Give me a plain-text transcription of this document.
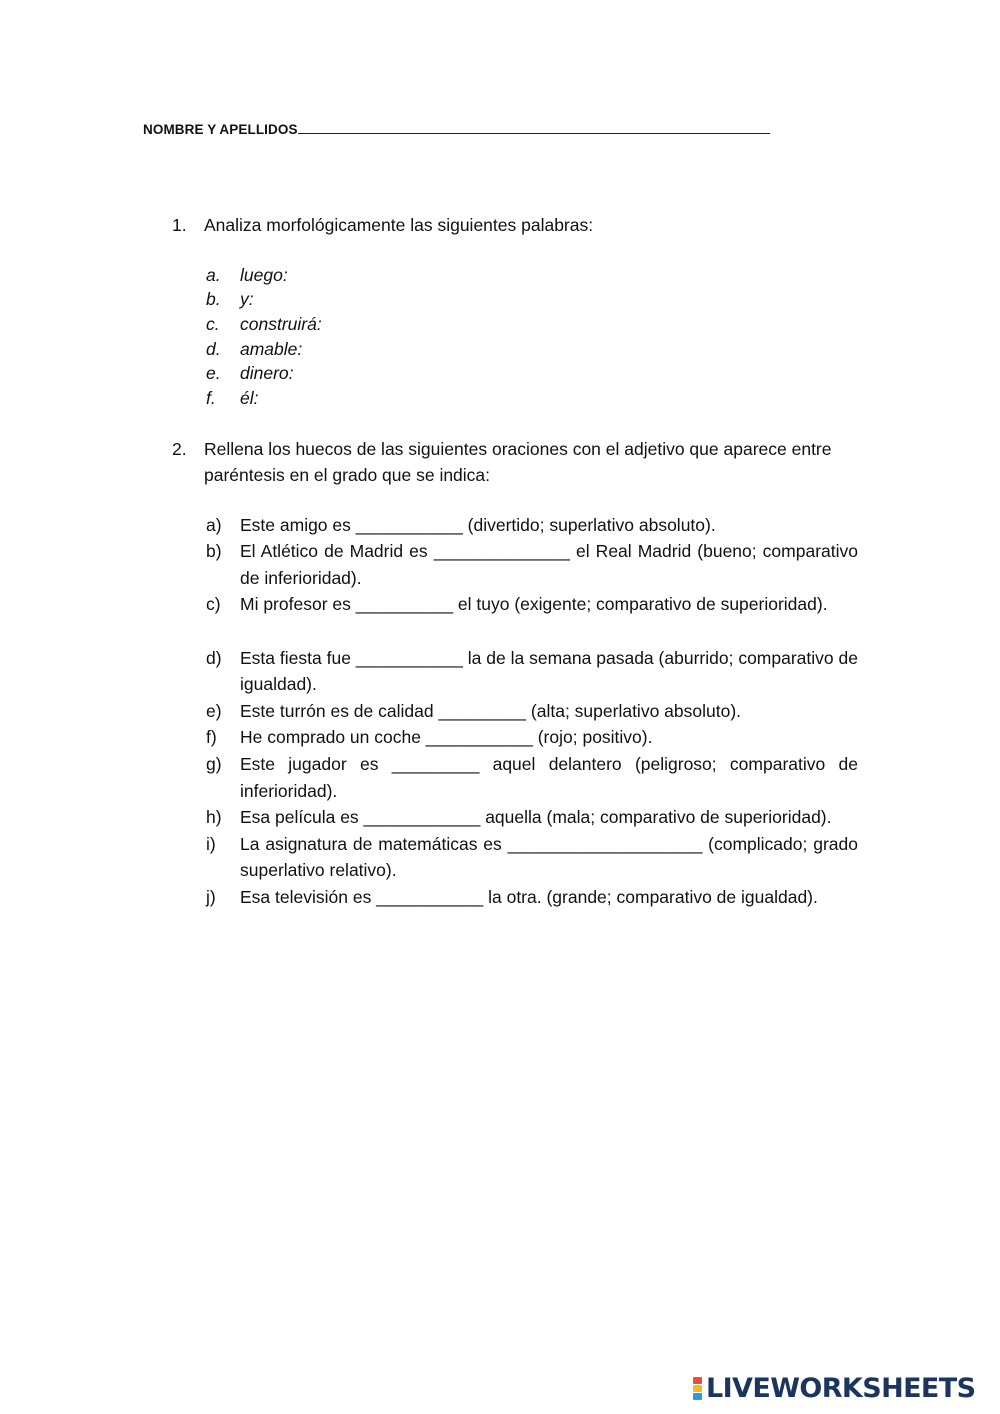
NOMBRE Y APELLIDOS
1. Analiza morfológicamente las siguientes palabras:
a.	luego:
b.	y:
c.	construirá:
d.	amable:
e.	dinero:
f.	él:
2. Rellena los huecos de las siguientes oraciones con el adjetivo que aparece entre paréntesis en el grado que se indica:
a)	Este amigo es ___________ (divertido; superlativo absoluto).
b)	El Atlético de Madrid es ______________ el Real Madrid (bueno; comparativo de inferioridad).
c)	Mi profesor es __________ el tuyo (exigente; comparativo de superioridad).
d)	Esta fiesta fue ___________ la de la semana pasada (aburrido; comparativo de igualdad).
e)	Este turrón es de calidad _________ (alta; superlativo absoluto).
f)	He comprado un coche ___________ (rojo; positivo).
g)	Este jugador es _________ aquel delantero (peligroso; comparativo de inferioridad).
h)	Esa película es ____________ aquella (mala; comparativo de superioridad).
i)	La asignatura de matemáticas es ____________________ (complicado; grado superlativo relativo).
j)	Esa televisión es ___________ la otra. (grande; comparativo de igualdad).
LIVEWORKSHEETS
